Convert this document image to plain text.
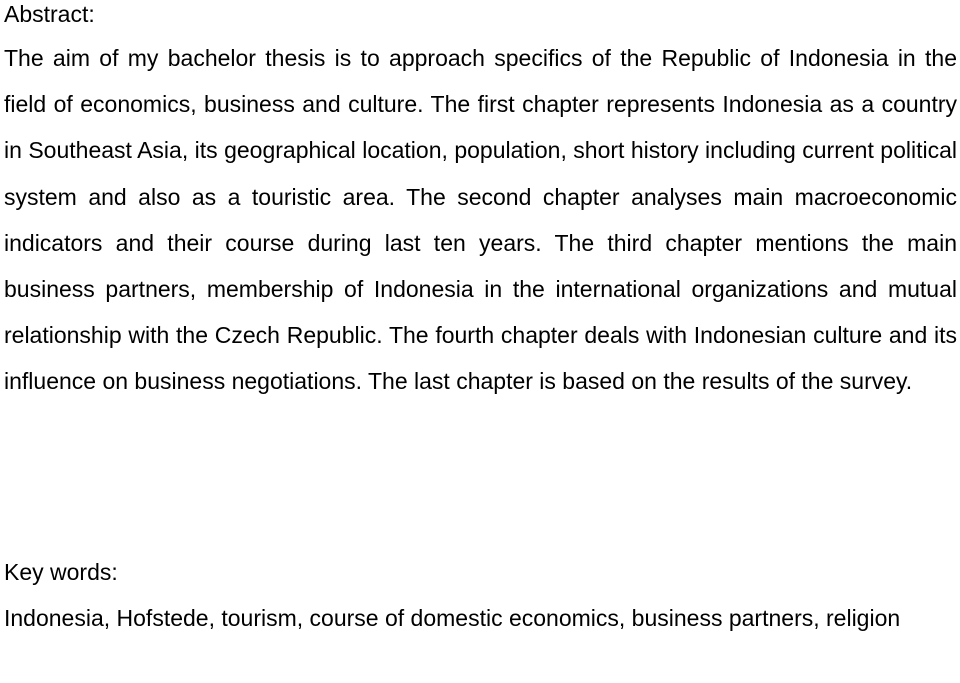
Abstract:

The aim of my bachelor thesis is to approach specifics of the Republic of Indonesia in the field of economics, business and culture. The first chapter represents Indonesia as a country in Southeast Asia, its geographical location, population, short history including current political system and also as a touristic area. The second chapter analyses main macroeconomic indicators and their course during last ten years. The third chapter mentions the main business partners, membership of Indonesia in the international organizations and mutual relationship with the Czech Republic. The fourth chapter deals with Indonesian culture and its influence on business negotiations. The last chapter is based on the results of the survey.

Key words:

Indonesia, Hofstede, tourism, course of domestic economics, business partners, religion
